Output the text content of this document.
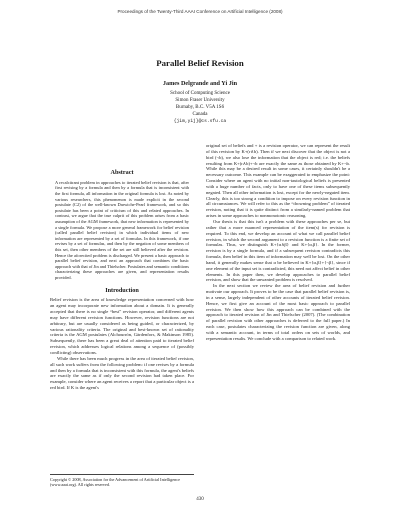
Proceedings of the Twenty-Third AAAI Conference on Artificial Intelligence (2008)
Parallel Belief Revision
James Delgrande and Yi Jin
School of Computing Science
Simon Fraser University
Burnaby, B.C. V5A 1S6
Canada
{jim,yij}@cs.sfu.ca
Abstract
A recalcitrant problem in approaches to iterated belief revision is that, after first revising by a formula and then by a formula that is inconsistent with the first formula, all information in the original formula is lost. As noted by various researchers, this phenomenon is made explicit in the second postulate (C2) of the well-known Darwiche-Pearl framework, and so this postulate has been a point of criticism of this and related approaches. In contrast, we argue that the true culprit of this problem arises from a basic assumption of the AGM framework, that new information is represented by a single formula. We propose a more general framework for belief revision (called parallel belief revision) in which individual items of new information are represented by a set of formulas. In this framework, if one revises by a set of formulas, and then by the negation of some members of this set, then other members of the set are still believed after the revision. Hence the aforecited problem is discharged. We present a basic approach to parallel belief revision, and next an approach that combines the basic approach with that of Jin and Thielscher. Postulates and semantic conditions characterizing these approaches are given, and representation results provided.
Introduction

Belief revision is the area of knowledge representation concerned with how an agent may incorporate new information about a domain. It is generally accepted that there is no single “best” revision operator, and different agents may have different revision functions. However, revision functions are not arbitrary, but are usually considered as being guided, or characterized, by various rationality criteria. The original and best-known set of rationality criteria is the AGM postulates (Alchourrón, Gärdenfors, & Makinson 1985). Subsequently, there has been a great deal of attention paid to iterated belief revision, which addresses logical relations among a sequence of (possibly conflicting) observations.

While there has been much progress in the area of iterated belief revision, all such work suffers from the following problem: if one revises by a formula and then by a formula that is inconsistent with this formula, the agent's beliefs are exactly the same as if only the second revision had taken place. For example, consider where an agent receives a report that a particular object is a red bird. If K is the agent's

Copyright © 2008, Association for the Advancement of Artificial Intelligence (www.aaai.org). All rights reserved.

original set of beliefs and + is a revision operator, we can represent the result of this revision by K+(r∧b). Then if we next discover that the object is not a bird (¬b), we also lose the information that the object is red; i.e. the beliefs resulting from K+(r∧b)+¬b are exactly the same as those obtained by K+¬b. While this may be a desired result in some cases, it certainly shouldn't be a necessary outcome. This example can be exaggerated to emphasize the point: Consider where an agent with no initial non-tautological beliefs is presented with a huge number of facts, only to have one of these items subsequently negated. Then all other information is lost, except for the newly-negated item. Clearly, this is too strong a condition to impose on every revision function in all circumstances. We will refer to this as the “drowning problem” of iterated revision, noting that it is quite distinct from a similarly-named problem that arises in some approaches to nonmonotonic reasoning.

Our thesis is that this isn't a problem with these approaches per se, but rather that a more nuanced representation of the item(s) for revision is required. To this end, we develop an account of what we call parallel belief revision, in which the second argument to a revision function is a finite set of formulas. Thus, we distinguish K+{α∧β} and K+{α,β}. In the former, revision is by a single formula, and if a subsequent revision contradicts this formula, then belief in this item of information may well be lost. On the other hand, it generally makes sense that α be believed in K+{α,β}+{¬β}, since if one element of the input set is contradicted, this need not affect belief in other elements. In this paper then, we develop approaches to parallel belief revision, and show that the unwanted problem is resolved.

In the next section we review the area of belief revision and further motivate our approach. It proves to be the case that parallel belief revision is, in a sense, largely independent of other accounts of iterated belief revision. Hence, we first give an account of the most basic approach to parallel revision. We then show how this approach can be combined with the approach to iterated revision of Jin and Thielscher (2007). (The combination of parallel revision with other approaches is deferred to the full paper.) In each case, postulates characterizing the revision function are given, along with a semantic account, in terms of total orders on sets of worlds, and representation results. We conclude with a comparison to related work.

430
